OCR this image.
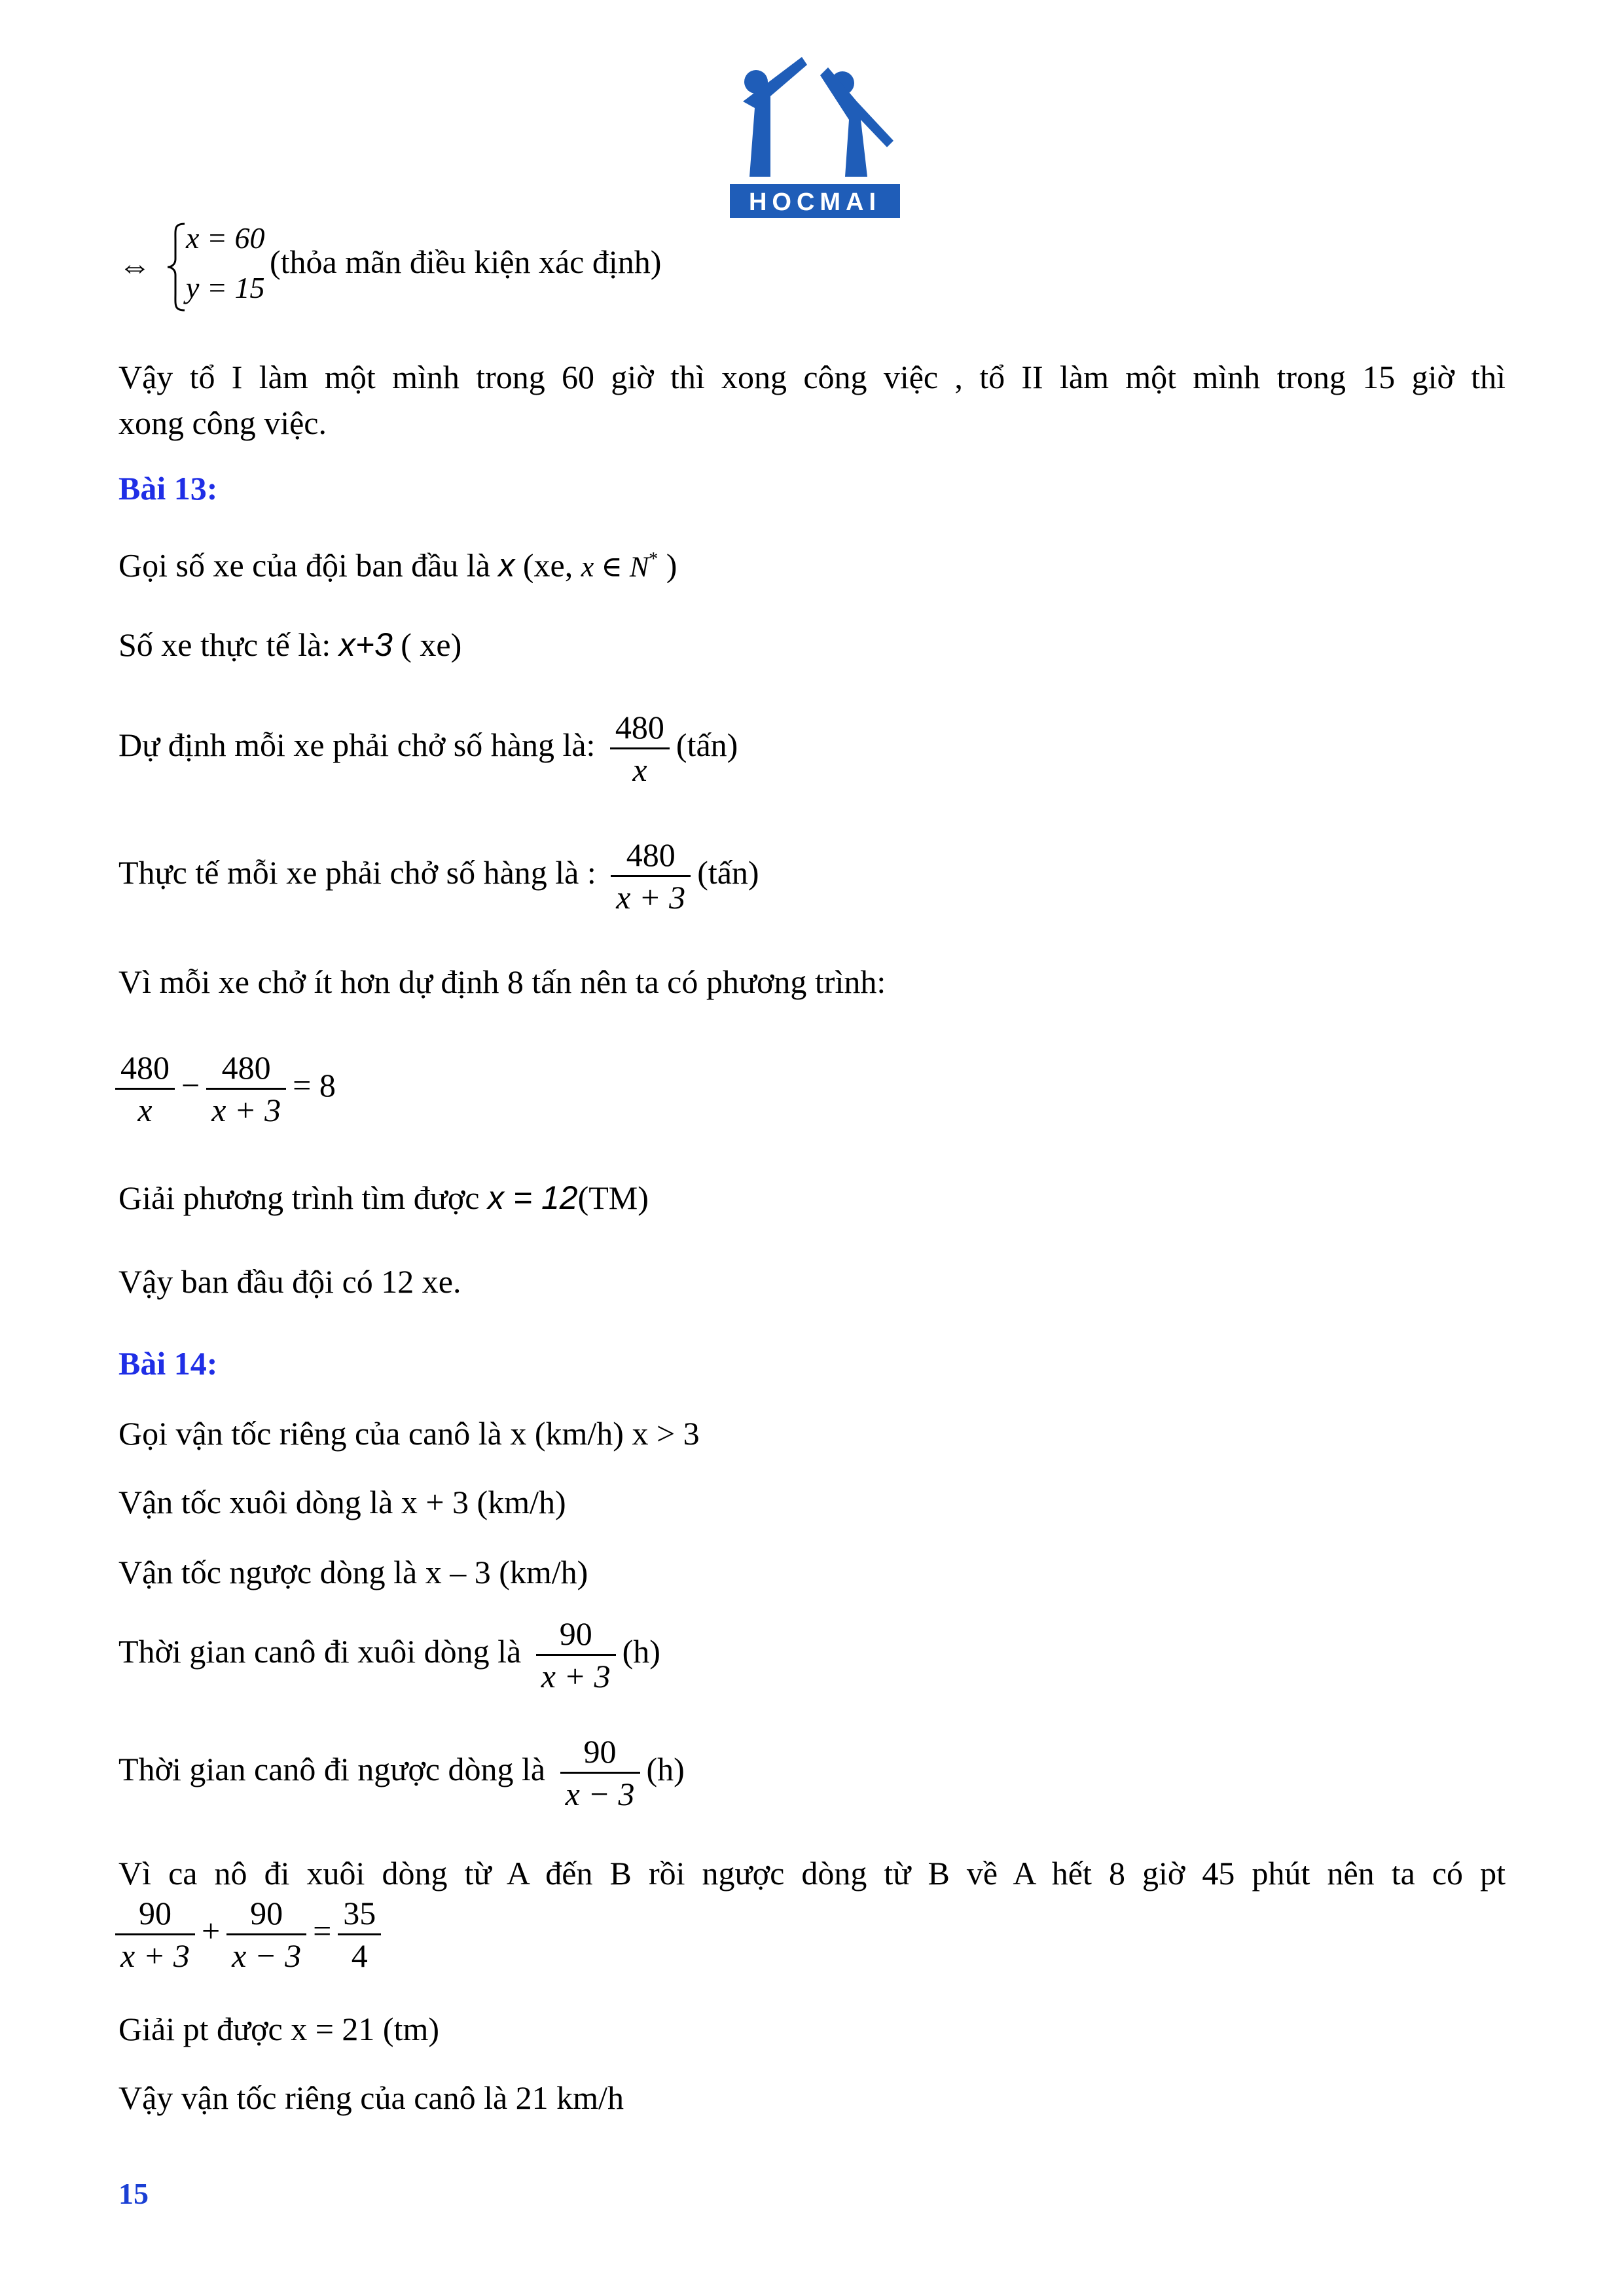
HOCMAI
⇔
x = 60
y = 15
(thỏa mãn điều kiện xác định)
Vậy tổ I làm một mình trong 60 giờ thì xong công việc , tổ II làm một mình trong 15 giờ thì
xong công việc.
Bài 13:
Gọi số xe của đội ban đầu là x (xe, x ∈ N* )
Số xe thực tế là: x+3 ( xe)
Dự định mỗi xe phải chở số hàng là: $\frac{480}{x}$ (tấn)
Thực tế mỗi xe phải chở số hàng là : $\frac{480}{x + 3}$ (tấn)
Vì mỗi xe chở ít hơn dự định 8 tấn nên ta có phương trình:
$\frac{480}{x} - \frac{480}{x + 3} = 8$
Giải phương trình tìm được x = 12(TM)
Vậy ban đầu đội có 12 xe.
Bài 14:
Gọi vận tốc riêng của canô là x (km/h) x > 3
Vận tốc xuôi dòng là x + 3 (km/h)
Vận tốc ngược dòng là x – 3 (km/h)
Thời gian canô đi xuôi dòng là $\frac{90}{x + 3} (h)$
Thời gian canô đi ngược dòng là $\frac{90}{x - 3} (h)$
Vì ca nô đi xuôi dòng từ A đến B rồi ngược dòng từ B về A hết 8 giờ 45 phút nên ta có pt
$\frac{90}{x + 3} + \frac{90}{x - 3} = \frac{35}{4}$
Giải pt được x = 21 (tm)
Vậy vận tốc riêng của canô là 21 km/h
15
